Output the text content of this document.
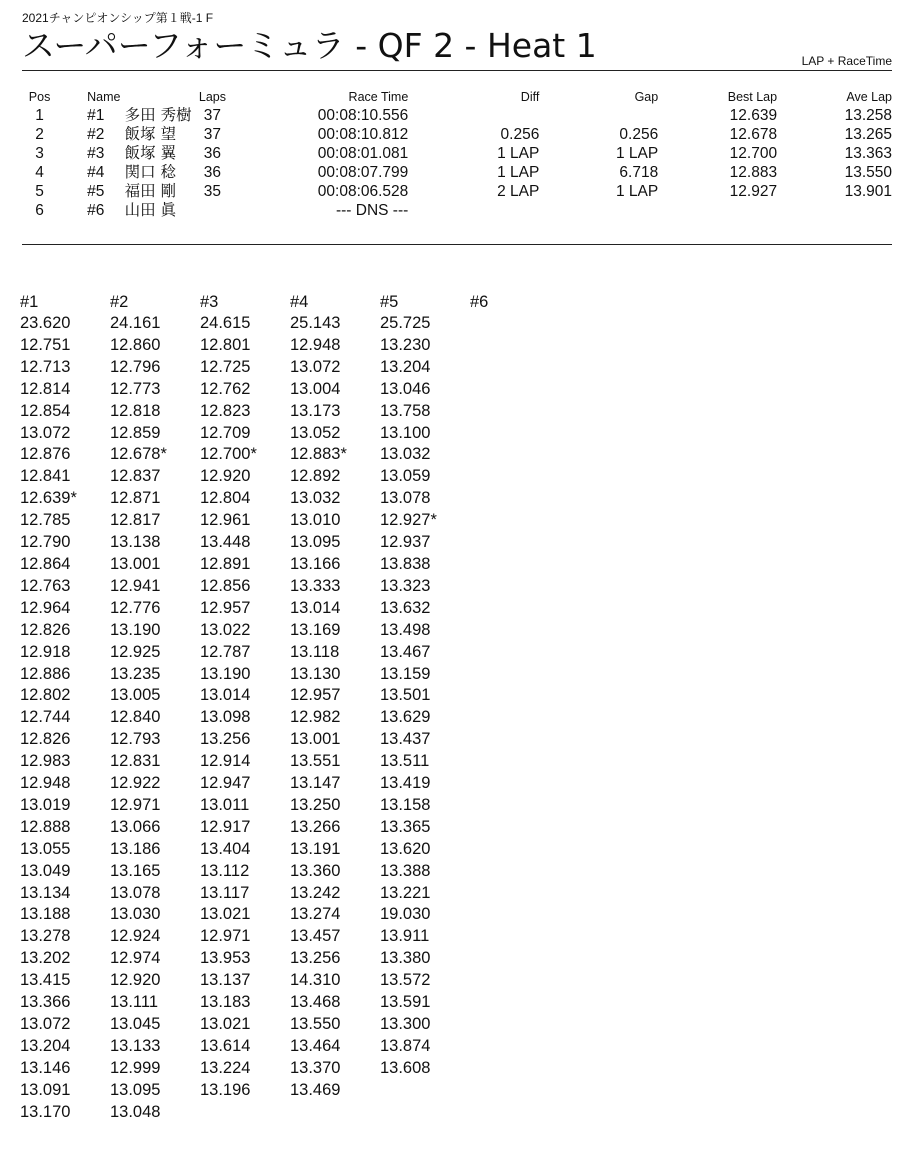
2021チャンピオンシップ第１戦-1 F
スーパーフォーミュラ - QF 2 - Heat 1	LAP + RaceTime
Pos	Name		Laps	Race Time	Diff	Gap	Best Lap	Ave Lap
1	#1	多田 秀樹	37	00:08:10.556			12.639	13.258
2	#2	飯塚 望	37	00:08:10.812	0.256	0.256	12.678	13.265
3	#3	飯塚 翼	36	00:08:01.081	1 LAP	1 LAP	12.700	13.363
4	#4	関口 稔	36	00:08:07.799	1 LAP	6.718	12.883	13.550
5	#5	福田 剛	35	00:08:06.528	2 LAP	1 LAP	12.927	13.901
6	#6	山田 眞		--- DNS ---				
#1	#2	#3	#4	#5	#6
23.620	24.161	24.615	25.143	25.725	
12.751	12.860	12.801	12.948	13.230	
12.713	12.796	12.725	13.072	13.204	
12.814	12.773	12.762	13.004	13.046	
12.854	12.818	12.823	13.173	13.758	
13.072	12.859	12.709	13.052	13.100	
12.876	12.678*	12.700*	12.883*	13.032	
12.841	12.837	12.920	12.892	13.059	
12.639*	12.871	12.804	13.032	13.078	
12.785	12.817	12.961	13.010	12.927*	
12.790	13.138	13.448	13.095	12.937	
12.864	13.001	12.891	13.166	13.838	
12.763	12.941	12.856	13.333	13.323	
12.964	12.776	12.957	13.014	13.632	
12.826	13.190	13.022	13.169	13.498	
12.918	12.925	12.787	13.118	13.467	
12.886	13.235	13.190	13.130	13.159	
12.802	13.005	13.014	12.957	13.501	
12.744	12.840	13.098	12.982	13.629	
12.826	12.793	13.256	13.001	13.437	
12.983	12.831	12.914	13.551	13.511	
12.948	12.922	12.947	13.147	13.419	
13.019	12.971	13.011	13.250	13.158	
12.888	13.066	12.917	13.266	13.365	
13.055	13.186	13.404	13.191	13.620	
13.049	13.165	13.112	13.360	13.388	
13.134	13.078	13.117	13.242	13.221	
13.188	13.030	13.021	13.274	19.030	
13.278	12.924	12.971	13.457	13.911	
13.202	12.974	13.953	13.256	13.380	
13.415	12.920	13.137	14.310	13.572	
13.366	13.111	13.183	13.468	13.591	
13.072	13.045	13.021	13.550	13.300	
13.204	13.133	13.614	13.464	13.874	
13.146	12.999	13.224	13.370	13.608	
13.091	13.095	13.196	13.469		
13.170	13.048				
